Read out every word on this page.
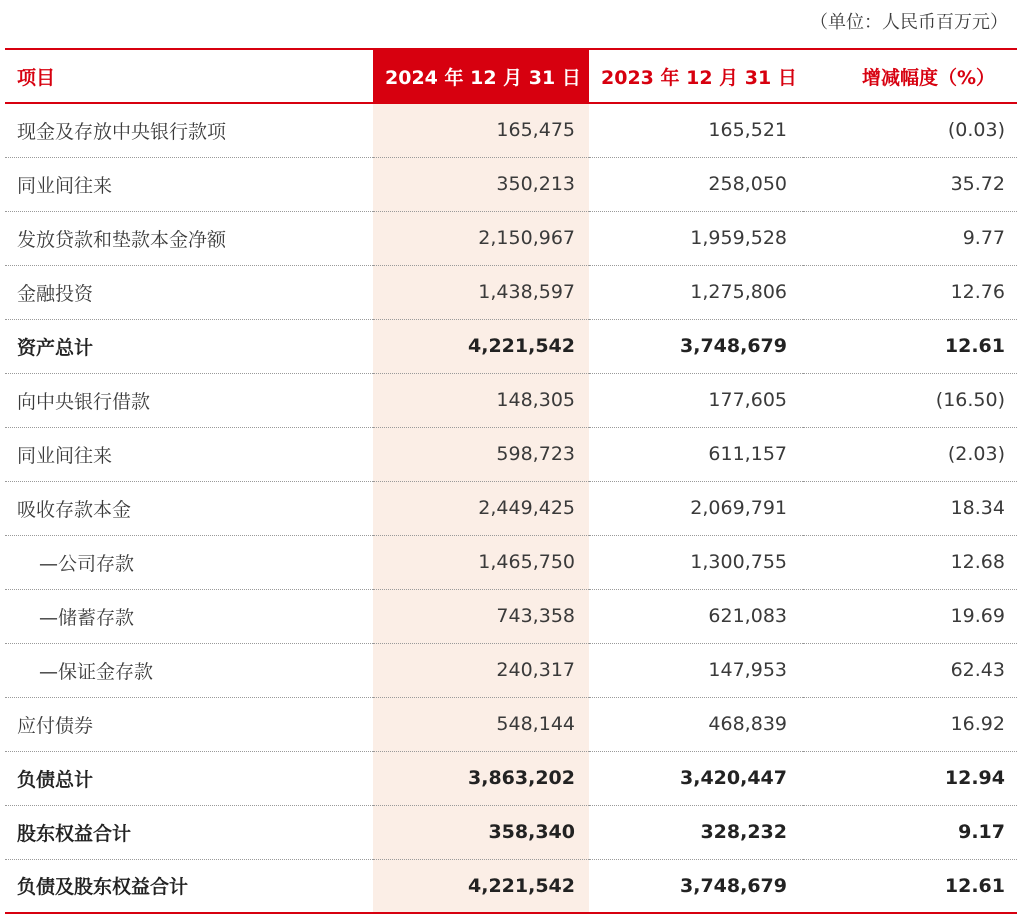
（单位：人民币百万元）
项目	2024 年 12 月 31 日	2023 年 12 月 31 日	增减幅度（%）
现金及存放中央银行款项	165,475	165,521	(0.03)
同业间往来	350,213	258,050	35.72
发放贷款和垫款本金净额	2,150,967	1,959,528	9.77
金融投资	1,438,597	1,275,806	12.76
资产总计	4,221,542	3,748,679	12.61
向中央银行借款	148,305	177,605	(16.50)
同业间往来	598,723	611,157	(2.03)
吸收存款本金	2,449,425	2,069,791	18.34
—公司存款	1,465,750	1,300,755	12.68
—储蓄存款	743,358	621,083	19.69
—保证金存款	240,317	147,953	62.43
应付债券	548,144	468,839	16.92
负债总计	3,863,202	3,420,447	12.94
股东权益合计	358,340	328,232	9.17
负债及股东权益合计	4,221,542	3,748,679	12.61
